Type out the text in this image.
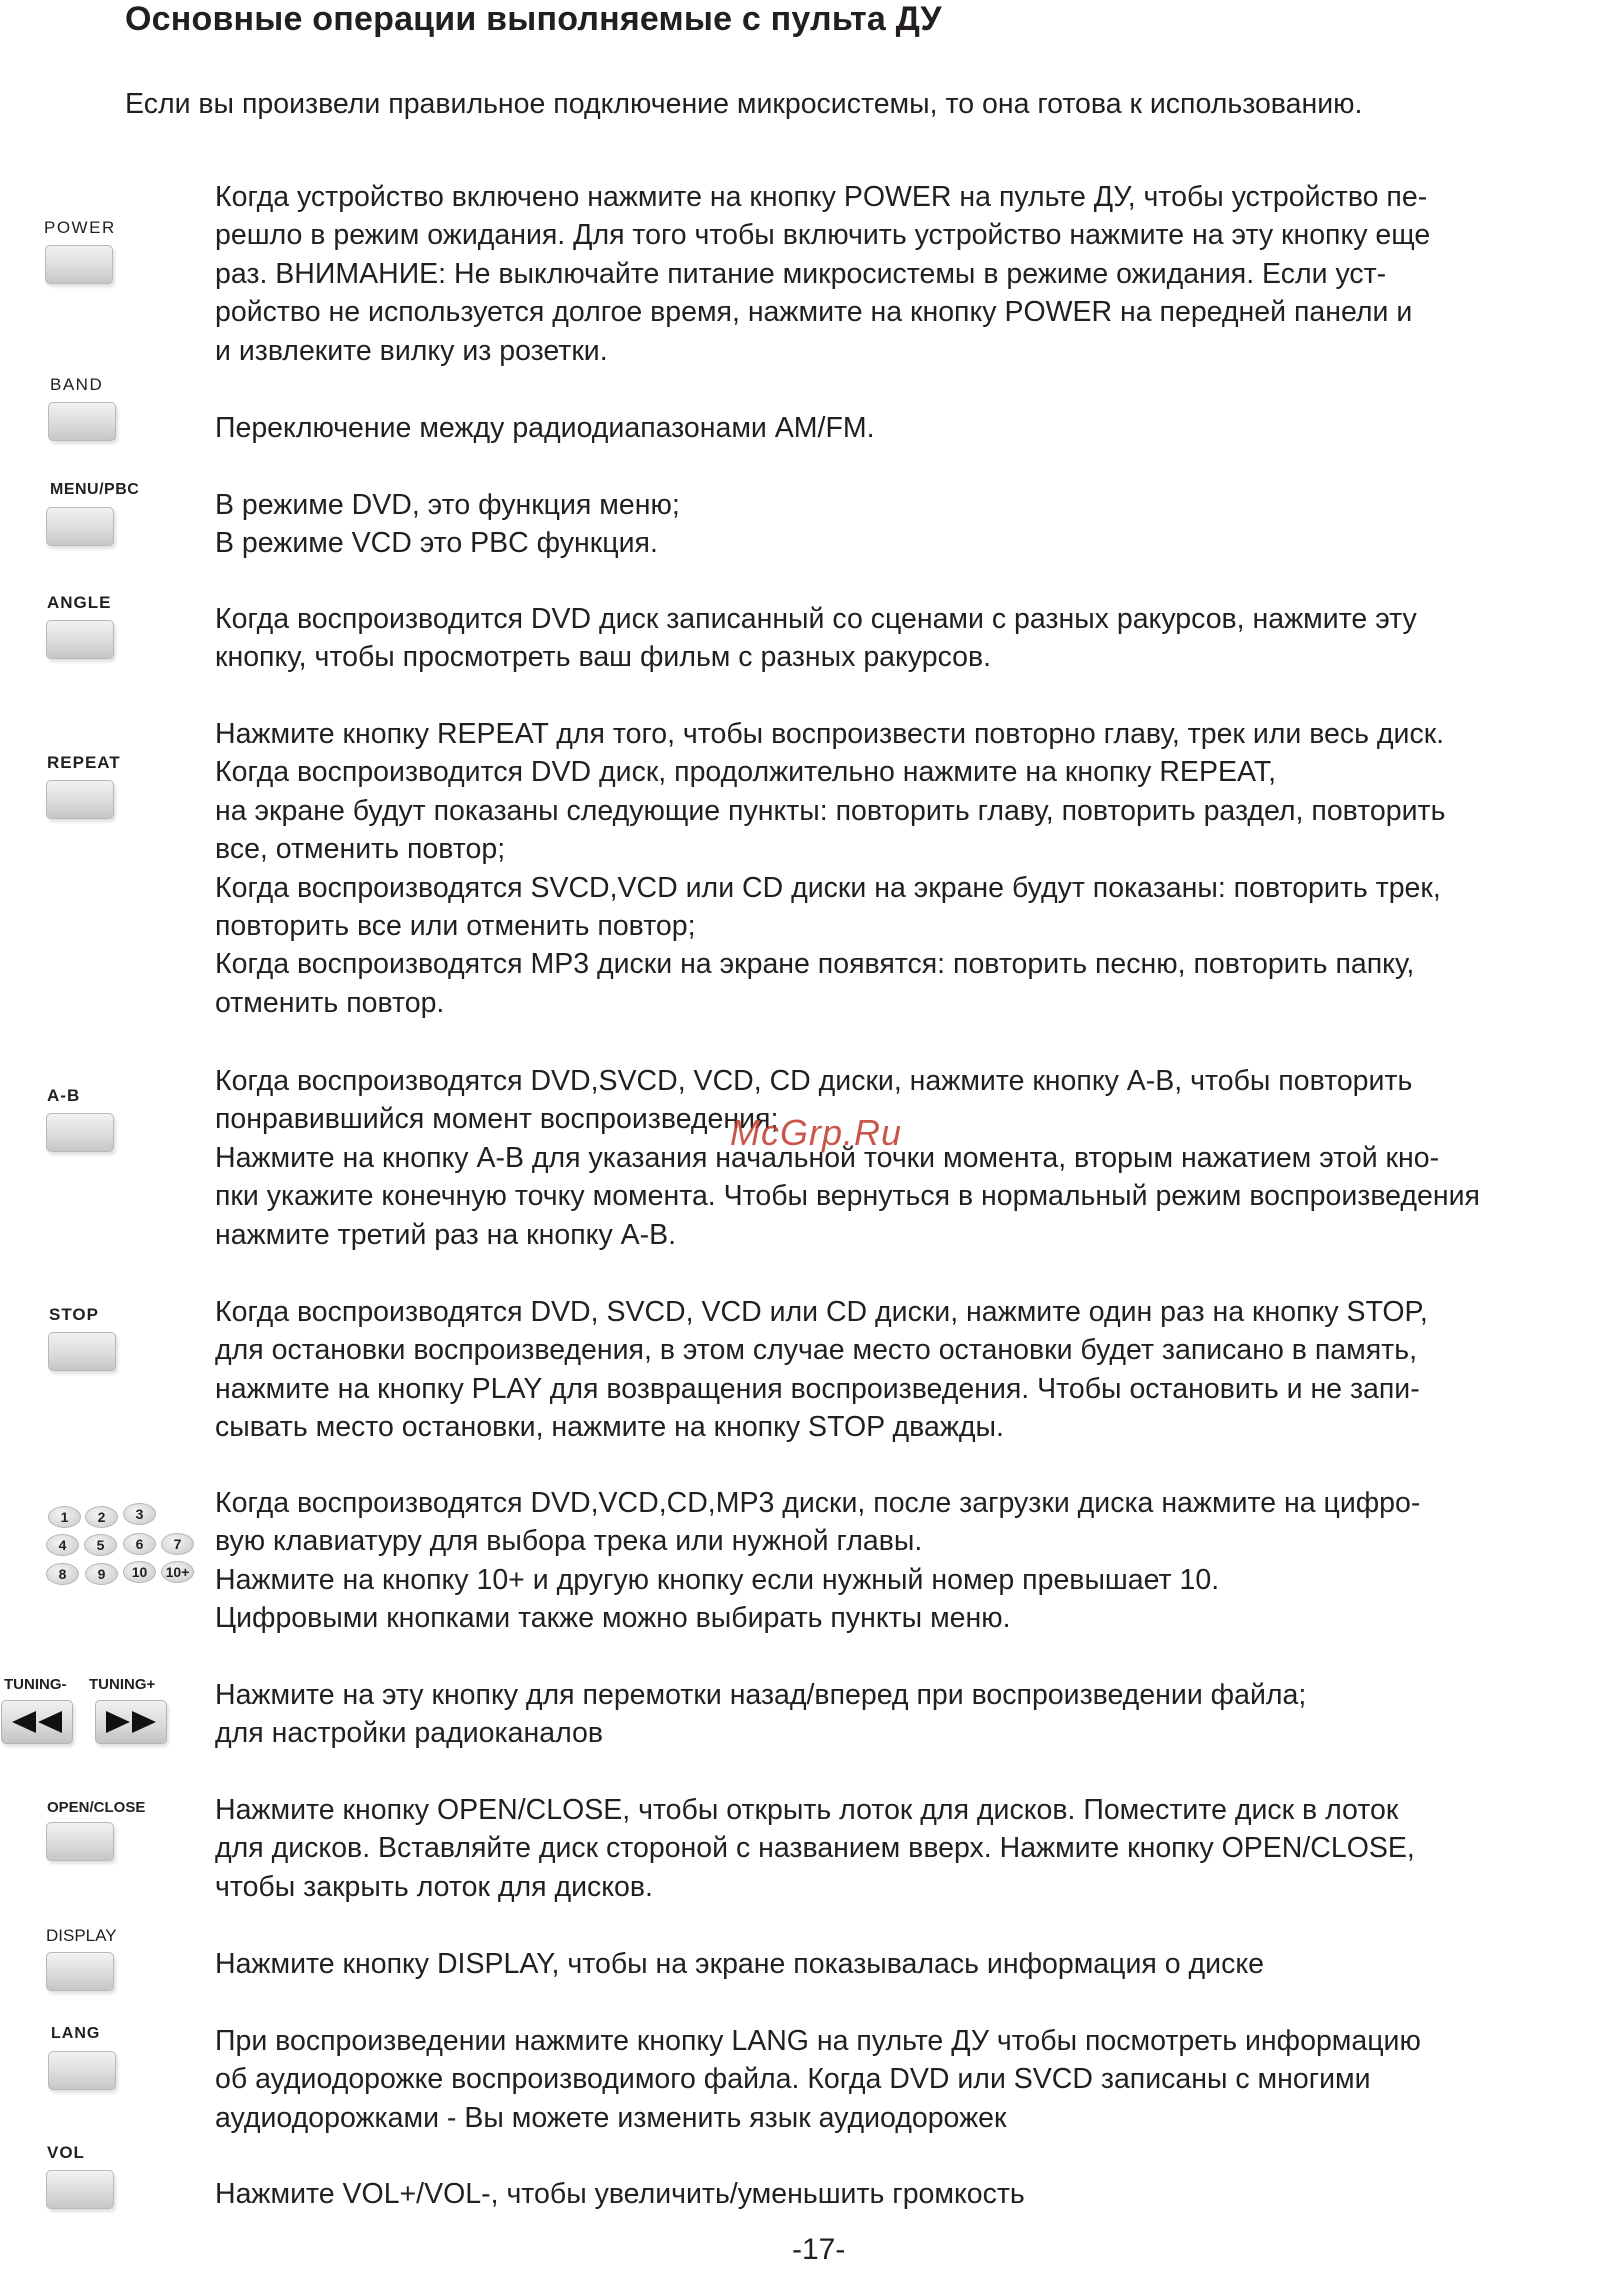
Основные операции выполняемые с пульта ДУ
Если вы произвели правильное подключение микросистемы, то она готова к использованию.
POWER
Когда устройство включено нажмите на кнопку POWER на пульте ДУ, чтобы устройство пе-
решло в режим ожидания. Для того чтобы включить устройство нажмите на эту кнопку еще
раз. ВНИМАНИЕ: Не выключайте питание микросистемы в режиме ожидания. Если уст-
ройство не используется долгое время, нажмите на кнопку POWER на передней панели и
и извлеките вилку из розетки.
BAND
Переключение между радиодиапазонами AM/FM.
MENU/PBC	В режиме DVD, это функция меню;
В режиме VCD это PBC функция.
ANGLE
Когда воспроизводится DVD диск записанный со сценами с разных ракурсов, нажмите эту
кнопку, чтобы просмотреть ваш фильм с разных ракурсов.
REPEAT
Нажмите кнопку REPEAT для того, чтобы воспроизвести повторно главу, трек или весь диск.
Когда воспроизводится DVD диск, продолжительно нажмите на кнопку REPEAT,
на экране будут показаны следующие пункты: повторить главу, повторить раздел, повторить
все, отменить повтор;
Когда воспроизводятся SVCD,VCD или CD диски на экране будут показаны: повторить трек,
повторить все или отменить повтор;
Когда воспроизводятся MP3 диски на экране появятся: повторить песню, повторить папку,
отменить повтор.
A-B	Когда воспроизводятся DVD,SVCD, VCD, CD диски, нажмите кнопку A-B, чтобы повторить
понравившийся момент воспроизведения;
Нажмите на кнопку A-B для указания начальной точки момента, вторым нажатием этой кно-
пки укажите конечную точку момента. Чтобы вернуться в нормальный режим воспроизведения
нажмите третий раз на кнопку A-B.
McGrp.Ru
STOP	Когда воспроизводятся DVD, SVCD, VCD или CD диски, нажмите один раз на кнопку STOP,
для остановки воспроизведения, в этом случае место остановки будет записано в память,
нажмите на кнопку PLAY для возвращения воспроизведения. Чтобы остановить и не запи-
сывать место остановки, нажмите на кнопку STOP дважды.
1	2	3
4	5	6	7
8	9	10	10+
Когда воспроизводятся DVD,VCD,CD,MP3 диски, после загрузки диска нажмите на цифро-
вую клавиатуру для выбора трека или нужной главы.
Нажмите на кнопку 10+ и другую кнопку если нужный номер превышает 10.
Цифровыми кнопками также можно выбирать пункты меню.
TUNING- TUNING+ Нажмите на эту кнопку для перемотки назад/вперед при воспроизведении файла;
для настройки радиоканалов
OPEN/CLOSE Нажмите кнопку OPEN/CLOSE, чтобы открыть лоток для дисков. Поместите диск в лоток
для дисков. Вставляйте диск стороной с названием вверх. Нажмите кнопку OPEN/CLOSE,
чтобы закрыть лоток для дисков.
DISPLAY
Нажмите кнопку DISPLAY, чтобы на экране показывалась информация о диске
LANG	При воспроизведении нажмите кнопку LANG на пульте ДУ чтобы посмотреть информацию
об аудиодорожке воспроизводимого файла. Когда DVD или SVCD записаны с многими
аудиодорожками - Вы можете изменить язык аудиодорожек
VOL
Нажмите VOL+/VOL-, чтобы увеличить/уменьшить громкость
-17-
